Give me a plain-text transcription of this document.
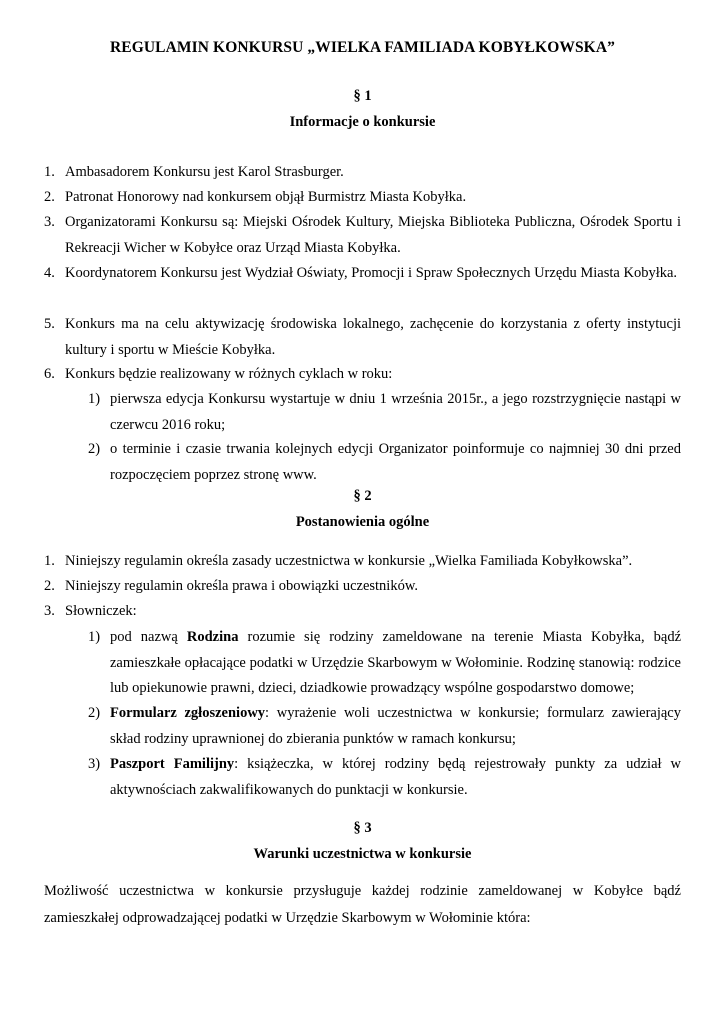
REGULAMIN KONKURSU „WIELKA FAMILIADA KOBYŁKOWSKA”
§ 1
Informacje o konkursie
1. Ambasadorem Konkursu jest Karol Strasburger.
2. Patronat Honorowy nad konkursem objął Burmistrz Miasta Kobyłka.
3. Organizatorami Konkursu są: Miejski Ośrodek Kultury, Miejska Biblioteka Publiczna, Ośrodek Sportu i Rekreacji Wicher w Kobyłce oraz Urząd Miasta Kobyłka.
4. Koordynatorem Konkursu jest Wydział Oświaty, Promocji i Spraw Społecznych Urzędu Miasta Kobyłka.
5. Konkurs ma na celu aktywizację środowiska lokalnego, zachęcenie do korzystania z oferty instytucji kultury i sportu w Mieście Kobyłka.
6. Konkurs będzie realizowany w różnych cyklach w roku:
1) pierwsza edycja Konkursu wystartuje w dniu 1 września 2015r., a jego rozstrzygnięcie nastąpi w czerwcu 2016 roku;
2) o terminie i czasie trwania kolejnych edycji Organizator poinformuje co najmniej 30 dni przed rozpoczęciem poprzez stronę www.
§ 2
Postanowienia ogólne
1. Niniejszy regulamin określa zasady uczestnictwa w konkursie „Wielka Familiada Kobyłkowska”.
2. Niniejszy regulamin określa prawa i obowiązki uczestników.
3. Słowniczek:
1) pod nazwą Rodzina rozumie się rodziny zameldowane na terenie Miasta Kobyłka, bądź zamieszkałe opłacające podatki w Urzędzie Skarbowym w Wołominie. Rodzinę stanowią: rodzice lub opiekunowie prawni, dzieci, dziadkowie prowadzący wspólne gospodarstwo domowe;
2) Formularz zgłoszeniowy: wyrażenie woli uczestnictwa w konkursie; formularz zawierający skład rodziny uprawnionej do zbierania punktów w ramach konkursu;
3) Paszport Familijny: książeczka, w której rodziny będą rejestrowały punkty za udział w aktywnościach zakwalifikowanych do punktacji w konkursie.
§ 3
Warunki uczestnictwa w konkursie
Możliwość uczestnictwa w konkursie przysługuje każdej rodzinie zameldowanej w Kobyłce bądź zamieszkałej odprowadzającej podatki w Urzędzie Skarbowym w Wołominie która:
